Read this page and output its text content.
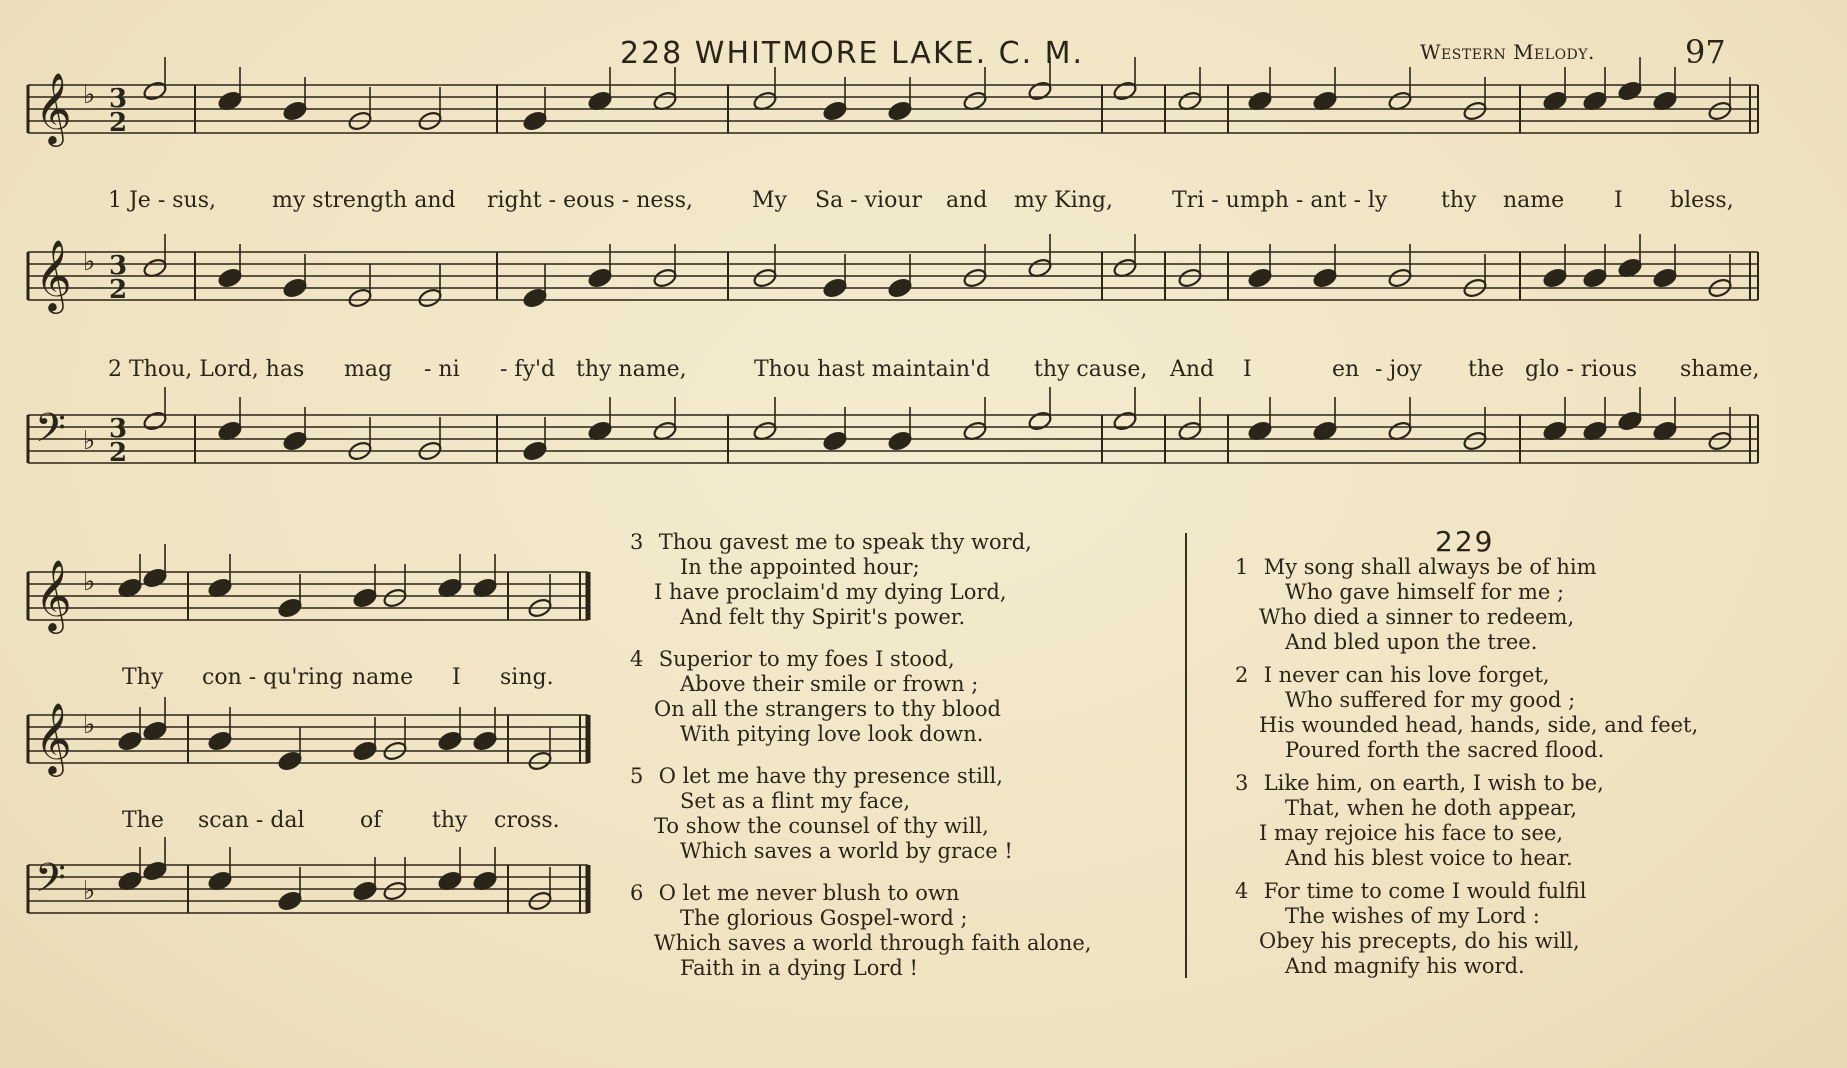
228 WHITMORE LAKE. C. M.	Western Melody.	97
𝄞 ♭ 3
2
𝄞 ♭ 3
2
𝄢 ♭ 3
2
𝄞 ♭
𝄞 ♭
𝄢 ♭
1 Je - sus,	my strength and right - eous - ness,	My Sa - viour and my King,	Tri - umph - ant - ly thy name I bless,
2 Thou, Lord, has mag - ni - fy'd thy name,	Thou hast maintain'd thy cause, And I	en - joy the glo - rious shame,
Thy con - qu'ring name I sing.
The scan - dal	of thy cross.
3 Thou gavest me to speak thy word,
In the appointed hour;
I have proclaim'd my dying Lord,
And felt thy Spirit's power.
4 Superior to my foes I stood,
Above their smile or frown ;
On all the strangers to thy blood
With pitying love look down.
5 O let me have thy presence still,
Set as a flint my face,
To show the counsel of thy will,
Which saves a world by grace !
6 O let me never blush to own
The glorious Gospel-word ;
Which saves a world through faith alone,
Faith in a dying Lord !
229
1 My song shall always be of him
Who gave himself for me ;
Who died a sinner to redeem,
And bled upon the tree.
2 I never can his love forget,
Who suffered for my good ;
His wounded head, hands, side, and feet,
Poured forth the sacred flood.
3 Like him, on earth, I wish to be,
That, when he doth appear,
I may rejoice his face to see,
And his blest voice to hear.
4 For time to come I would fulfil
The wishes of my Lord :
Obey his precepts, do his will,
And magnify his word.
